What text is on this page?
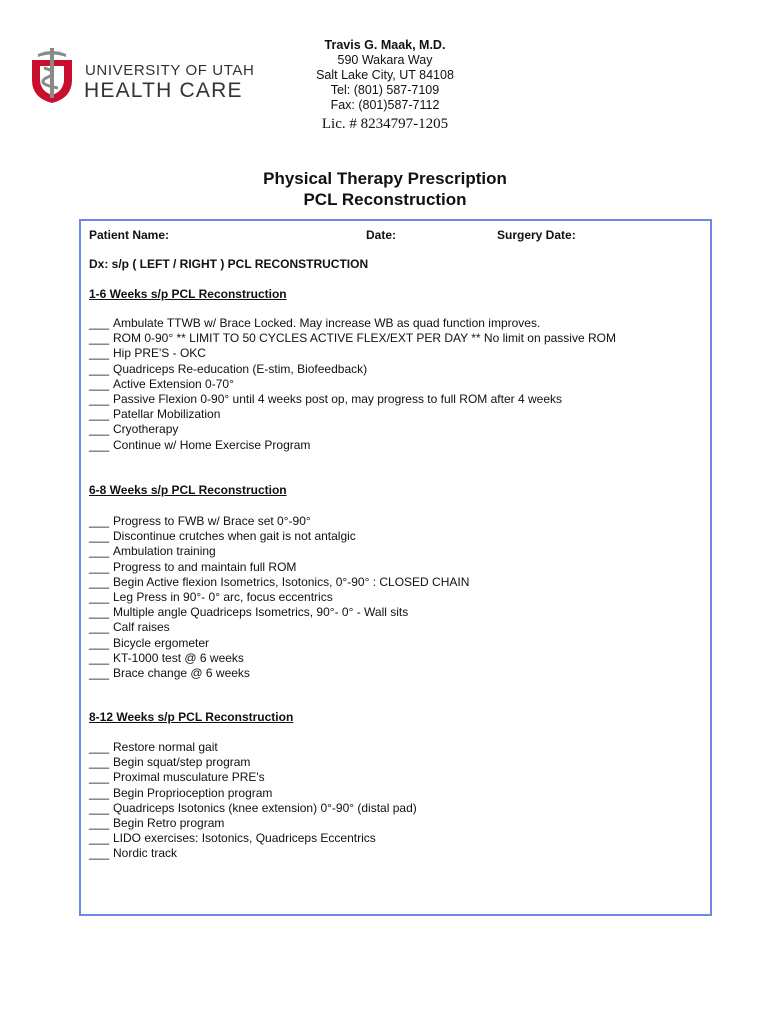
UNIVERSITY OF UTAH
HEALTH CARE
Travis G. Maak, M.D.
590 Wakara Way
Salt Lake City, UT 84108
Tel: (801) 587-7109
Fax: (801)587-7112
Lic. # 8234797-1205
Physical Therapy Prescription
PCL Reconstruction
Patient Name:	Date:	Surgery Date:
Dx: s/p ( LEFT / RIGHT ) PCL RECONSTRUCTION
1-6 Weeks s/p PCL Reconstruction
___ Ambulate TTWB w/ Brace Locked. May increase WB as quad function improves.
___ ROM 0-90° ** LIMIT TO 50 CYCLES ACTIVE FLEX/EXT PER DAY ** No limit on passive ROM
___ Hip PRE'S - OKC
___ Quadriceps Re-education (E-stim, Biofeedback)
___ Active Extension 0-70°
___ Passive Flexion 0-90° until 4 weeks post op, may progress to full ROM after 4 weeks
___ Patellar Mobilization
___ Cryotherapy
___ Continue w/ Home Exercise Program
6-8 Weeks s/p PCL Reconstruction
___ Progress to FWB w/ Brace set 0°-90°
___ Discontinue crutches when gait is not antalgic
___ Ambulation training
___ Progress to and maintain full ROM
___ Begin Active flexion Isometrics, Isotonics, 0°-90° : CLOSED CHAIN
___ Leg Press in 90°- 0° arc, focus eccentrics
___ Multiple angle Quadriceps Isometrics, 90°- 0° - Wall sits
___ Calf raises
___ Bicycle ergometer
___ KT-1000 test @ 6 weeks
___ Brace change @ 6 weeks
8-12 Weeks s/p PCL Reconstruction
___ Restore normal gait
___ Begin squat/step program
___ Proximal musculature PRE's
___ Begin Proprioception program
___ Quadriceps Isotonics (knee extension) 0°-90° (distal pad)
___ Begin Retro program
___ LIDO exercises: Isotonics, Quadriceps Eccentrics
___ Nordic track
